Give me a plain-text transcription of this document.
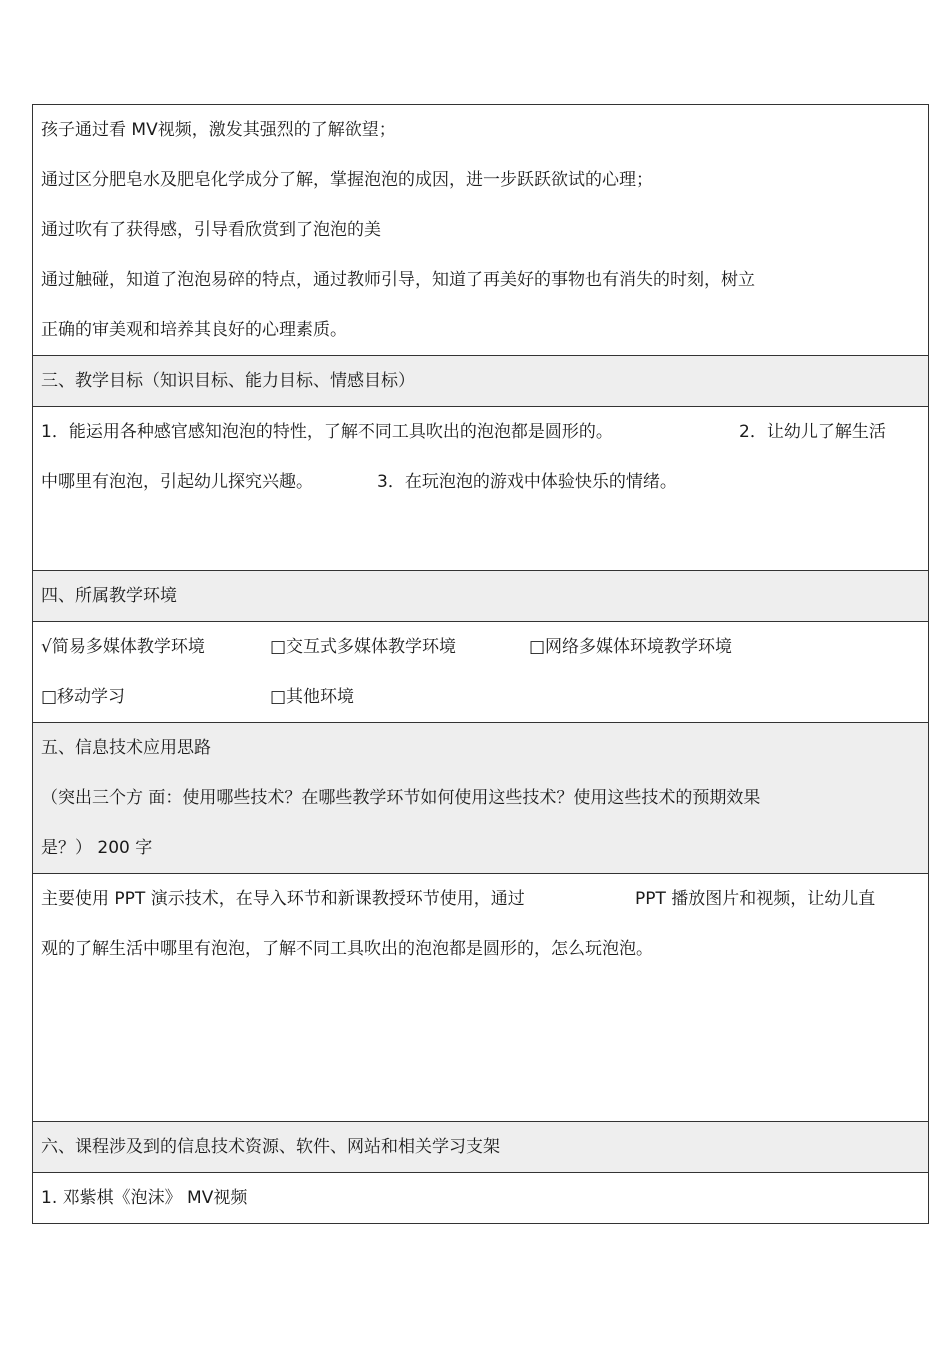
孩子通过看 MV视频，激发其强烈的了解欲望；
通过区分肥皂水及肥皂化学成分了解，掌握泡泡的成因，进一步跃跃欲试的心理；
通过吹有了获得感，引导看欣赏到了泡泡的美
通过触碰，知道了泡泡易碎的特点，通过教师引导，知道了再美好的事物也有消失的时刻，树立
正确的审美观和培养其良好的心理素质。
三、教学目标（知识目标、能力目标、情感目标）
1．能运用各种感官感知泡泡的特性，了解不同工具吹出的泡泡都是圆形的。	2．让幼儿了解生活
中哪里有泡泡，引起幼儿探究兴趣。	3．在玩泡泡的游戏中体验快乐的情绪。
四、所属教学环境
√简易多媒体教学环境	□交互式多媒体教学环境	□网络多媒体环境教学环境
□移动学习	□其他环境
五、信息技术应用思路
（突出三个方 面：使用哪些技术？在哪些教学环节如何使用这些技术？使用这些技术的预期效果
是？） 200 字
主要使用 PPT 演示技术，在导入环节和新课教授环节使用，通过	PPT 播放图片和视频，让幼儿直
观的了解生活中哪里有泡泡，了解不同工具吹出的泡泡都是圆形的，怎么玩泡泡。
六、课程涉及到的信息技术资源、软件、网站和相关学习支架
1. 邓紫棋《泡沫》 MV视频
